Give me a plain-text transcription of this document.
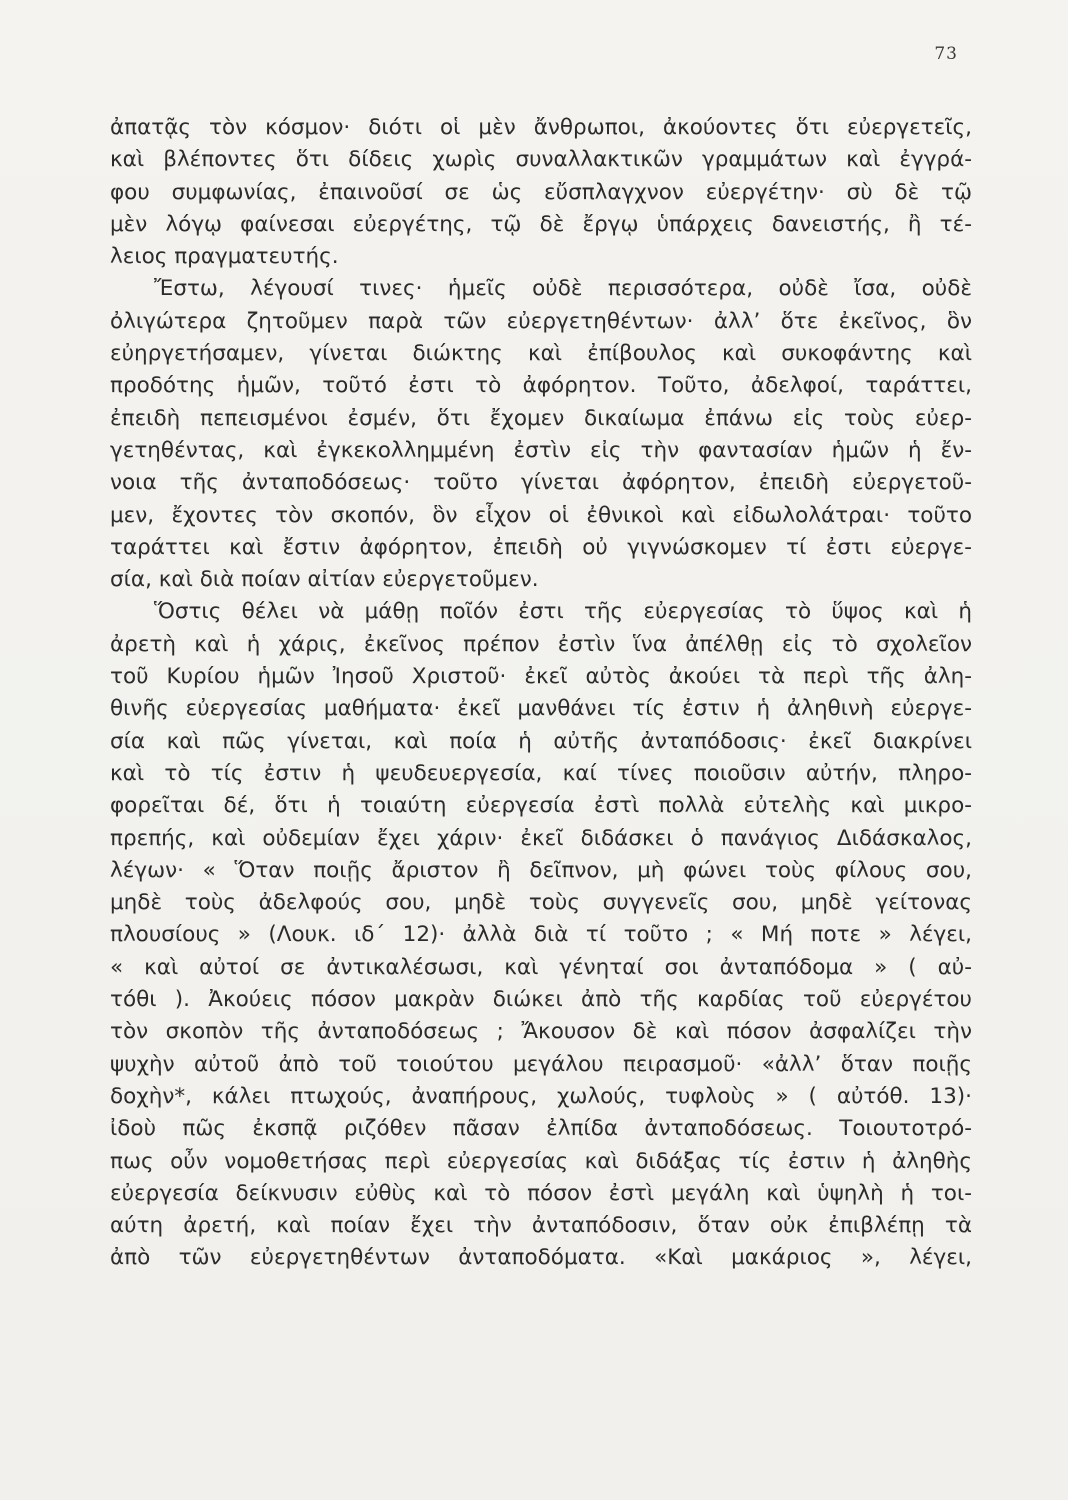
73
ἀπατᾷς τὸν κόσμον· διότι οἱ μὲν ἄνθρωποι, ἀκούοντες ὅτι εὐεργετεῖς,
καὶ βλέποντες ὅτι δίδεις χωρὶς συναλλακτικῶν γραμμάτων καὶ ἐγγρά-
φου συμφωνίας, ἐπαινοῦσί σε ὡς εὔσπλαγχνον εὐεργέτην· σὺ δὲ τῷ
μὲν λόγῳ φαίνεσαι εὐεργέτης, τῷ δὲ ἔργῳ ὑπάρχεις δανειστής, ἢ τέ-
λειος πραγματευτής.
Ἔστω, λέγουσί τινες· ἡμεῖς οὐδὲ περισσότερα, οὐδὲ ἴσα, οὐδὲ
ὀλιγώτερα ζητοῦμεν παρὰ τῶν εὐεργετηθέντων· ἀλλ’ ὅτε ἐκεῖνος, ὃν
εὐηργετήσαμεν, γίνεται διώκτης καὶ ἐπίβουλος καὶ συκοφάντης καὶ
προδότης ἡμῶν, τοῦτό ἐστι τὸ ἀφόρητον. Τοῦτο, ἀδελφοί, ταράττει,
ἐπειδὴ πεπεισμένοι ἐσμέν, ὅτι ἔχομεν δικαίωμα ἐπάνω εἰς τοὺς εὐερ-
γετηθέντας, καὶ ἐγκεκολλημμένη ἐστὶν εἰς τὴν φαντασίαν ἡμῶν ἡ ἔν-
νοια τῆς ἀνταποδόσεως· τοῦτο γίνεται ἀφόρητον, ἐπειδὴ εὐεργετοῦ-
μεν, ἔχοντες τὸν σκοπόν, ὃν εἶχον οἱ ἐθνικοὶ καὶ εἰδωλολάτραι· τοῦτο
ταράττει καὶ ἔστιν ἀφόρητον, ἐπειδὴ οὐ γιγνώσκομεν τί ἐστι εὐεργε-
σία, καὶ διὰ ποίαν αἰτίαν εὐεργετοῦμεν.
Ὅστις θέλει νὰ μάθῃ ποῖόν ἐστι τῆς εὐεργεσίας τὸ ὕψος καὶ ἡ
ἀρετὴ καὶ ἡ χάρις, ἐκεῖνος πρέπον ἐστὶν ἵνα ἀπέλθῃ εἰς τὸ σχολεῖον
τοῦ Κυρίου ἡμῶν Ἰησοῦ Χριστοῦ· ἐκεῖ αὐτὸς ἀκούει τὰ περὶ τῆς ἀλη-
θινῆς εὐεργεσίας μαθήματα· ἐκεῖ μανθάνει τίς ἐστιν ἡ ἀληθινὴ εὐεργε-
σία καὶ πῶς γίνεται, καὶ ποία ἡ αὐτῆς ἀνταπόδοσις· ἐκεῖ διακρίνει
καὶ τὸ τίς ἐστιν ἡ ψευδευεργεσία, καί τίνες ποιοῦσιν αὐτήν, πληρο-
φορεῖται δέ, ὅτι ἡ τοιαύτη εὐεργεσία ἐστὶ πολλὰ εὐτελὴς καὶ μικρο-
πρεπής, καὶ οὐδεμίαν ἔχει χάριν· ἐκεῖ διδάσκει ὁ πανάγιος Διδάσκαλος,
λέγων· « Ὅταν ποιῇς ἄριστον ἢ δεῖπνον, μὴ φώνει τοὺς φίλους σου,
μηδὲ τοὺς ἀδελφούς σου, μηδὲ τοὺς συγγενεῖς σου, μηδὲ γείτονας
πλουσίους » (Λουκ. ιδ΄ 12)· ἀλλὰ διὰ τί τοῦτο ; « Μή ποτε » λέγει,
« καὶ αὐτοί σε ἀντικαλέσωσι, καὶ γένηταί σοι ἀνταπόδομα » ( αὐ-
τόθι ). Ἀκούεις πόσον μακρὰν διώκει ἀπὸ τῆς καρδίας τοῦ εὐεργέτου
τὸν σκοπὸν τῆς ἀνταποδόσεως ; Ἄκουσον δὲ καὶ πόσον ἀσφαλίζει τὴν
ψυχὴν αὐτοῦ ἀπὸ τοῦ τοιούτου μεγάλου πειρασμοῦ· «ἀλλ’ ὅταν ποιῇς
δοχὴν*, κάλει πτωχούς, ἀναπήρους, χωλούς, τυφλοὺς » ( αὐτόθ. 13)·
ἰδοὺ πῶς ἐκσπᾷ ριζόθεν πᾶσαν ἐλπίδα ἀνταποδόσεως. Τοιουτοτρό-
πως οὖν νομοθετήσας περὶ εὐεργεσίας καὶ διδάξας τίς ἐστιν ἡ ἀληθὴς
εὐεργεσία δείκνυσιν εὐθὺς καὶ τὸ πόσον ἐστὶ μεγάλη καὶ ὑψηλὴ ἡ τοι-
αύτη ἀρετή, καὶ ποίαν ἔχει τὴν ἀνταπόδοσιν, ὅταν οὐκ ἐπιβλέπῃ τὰ
ἀπὸ τῶν εὐεργετηθέντων ἀνταποδόματα. «Καὶ μακάριος », λέγει,
